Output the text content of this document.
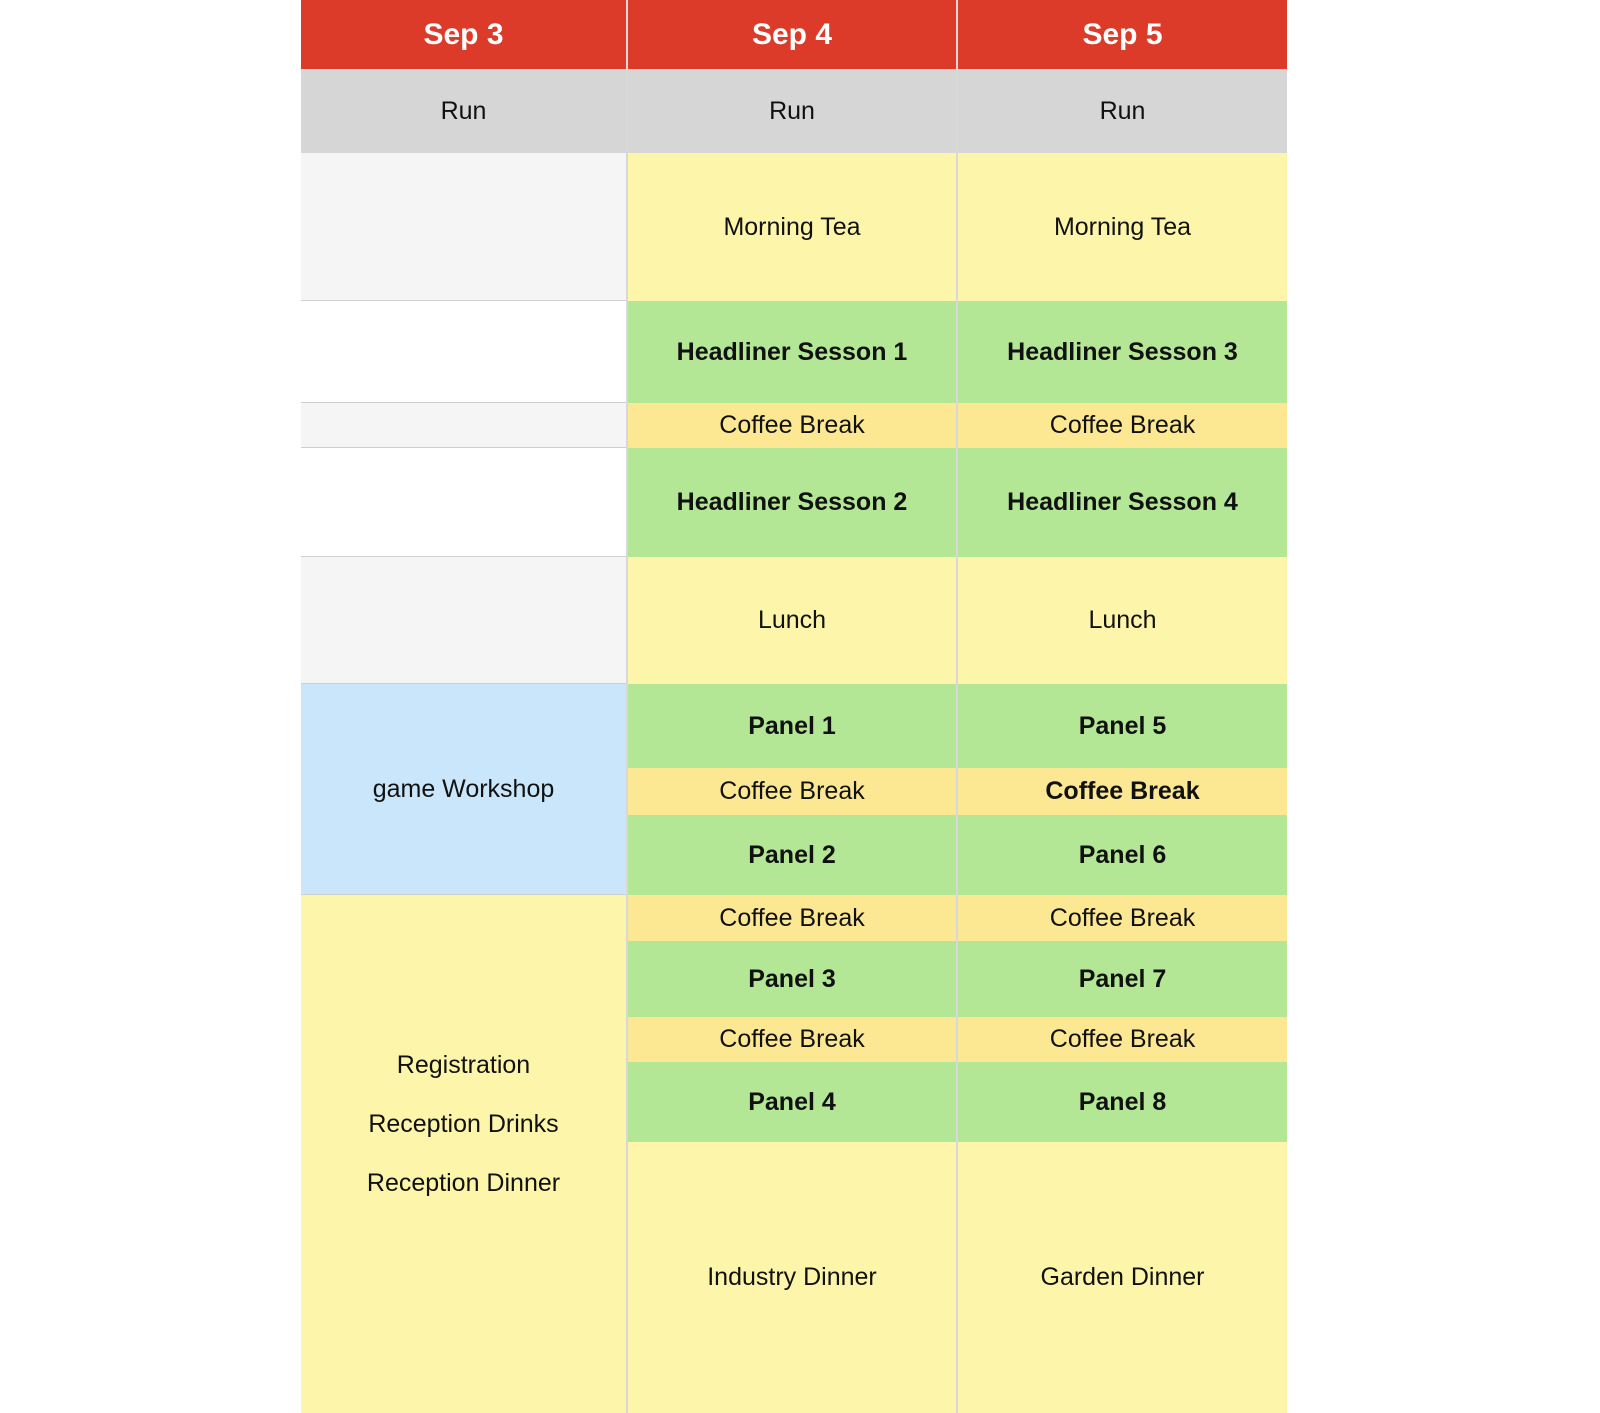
Sep 3
Run
game Workshop
Registration
Reception Drinks
Reception Dinner
Sep 4
Run
Morning Tea
Headliner Sesson 1
Coffee Break
Headliner Sesson 2
Lunch
Panel 1
Coffee Break
Panel 2
Coffee Break
Panel 3
Coffee Break
Panel 4
Industry Dinner
Sep 5
Run
Morning Tea
Headliner Sesson 3
Coffee Break
Headliner Sesson 4
Lunch
Panel 5
Coffee Break
Panel 6
Coffee Break
Panel 7
Coffee Break
Panel 8
Garden Dinner
